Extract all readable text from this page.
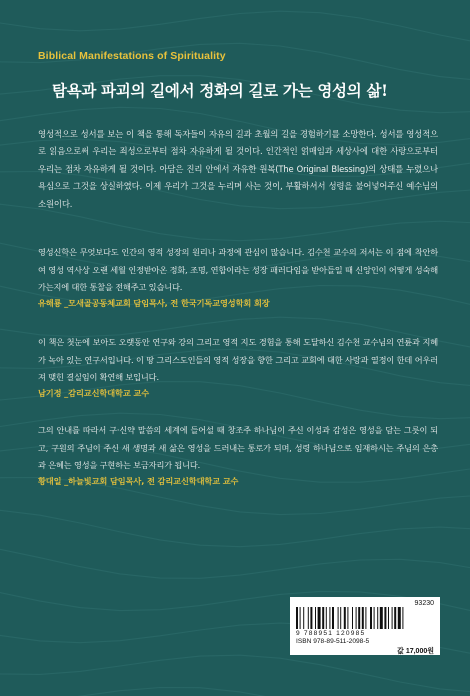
Biblical Manifestations of Spirituality
탐욕과 파괴의 길에서 정화의 길로 가는 영성의 삶!
영성적으로 성서를 보는 이 책을 통해 독자들이 자유의 길과 초월의 길을 경험하기를 소망한다. 성서를 영성적으로 읽음으로써 우리는 죄성으로부터 점차 자유하게 될 것이다. 인간적인 얽매임과 세상사에 대한 사랑으로부터 우리는 점차 자유하게 될 것이다. 아담은 진리 안에서 자유한 원복(The Original Blessing)의 상태를 누렸으나 욕심으로 그것을 상실하였다. 이제 우리가 그것을 누리며 사는 것이, 부활하셔서 성령을 불어넣어주신 예수님의 소원이다.
영성신학은 무엇보다도 인간의 영적 성장의 원리나 과정에 관심이 많습니다. 김수천 교수의 저서는 이 점에 착안하여 영성 역사상 오랜 세월 인정받아온 정화, 조명, 연합이라는 성장 패러다임을 받아들일 때 신앙인이 어떻게 성숙해가는지에 대한 통찰을 전해주고 있습니다.
유해룡 _모새골공동체교회 담임목사, 전 한국기독교영성학회 회장
이 책은 첫눈에 보아도 오랫동안 연구와 강의 그리고 영적 지도 경험을 통해 도달하신 김수천 교수님의 연륜과 지혜가 녹아 있는 연구서입니다. 이 땅 그리스도인들의 영적 성장을 향한 그리고 교회에 대한 사랑과 열정이 한데 어우러져 맺힌 결실임이 확연해 보입니다.
남기정 _감리교신학대학교 교수
그의 안내를 따라서 구·신약 말씀의 세계에 들어설 때 창조주 하나님이 주신 이성과 감성은 영성을 담는 그릇이 되고, 구원의 주님이 주신 새 생명과 새 삶은 영성을 드러내는 통로가 되며, 성령 하나님으로 임재하시는 주님의 은총과 은혜는 영성을 구현하는 보금자리가 됩니다.
황대일 _하늘빛교회 담임목사, 전 감리교신학대학교 교수
93230
9 788951 120985
ISBN 978-89-511-2098-5
값 17,000원
